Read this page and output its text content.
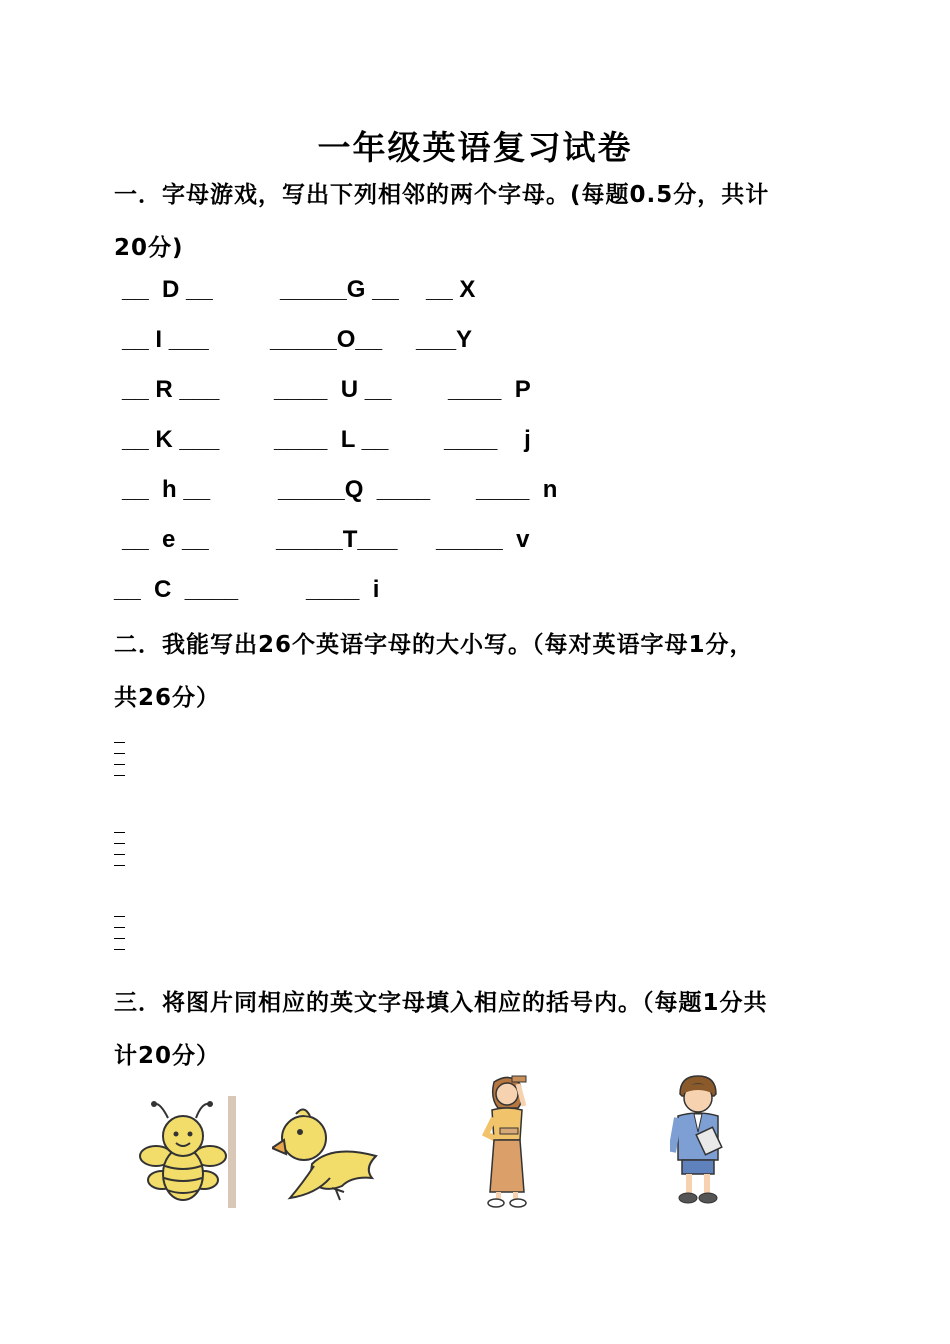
一年级英语复习试卷
一．字母游戏，写出下列相邻的两个字母。(每题0.5分，共计
20分)
__  D __	_____G __ __ X
__ I ___	_____O__ ___Y
__ R ___ ____  U __ ____  P
__ K ___ ____  L __ ____    j
__  h __	_____Q  ____ ____  n
__  e __	_____T___ _____  v
__  C  ____	____  i
二．我能写出26个英语字母的大小写。（每对英语字母1分，
共26分）
三．将图片同相应的英文字母填入相应的括号内。（每题1分共
计20分）
